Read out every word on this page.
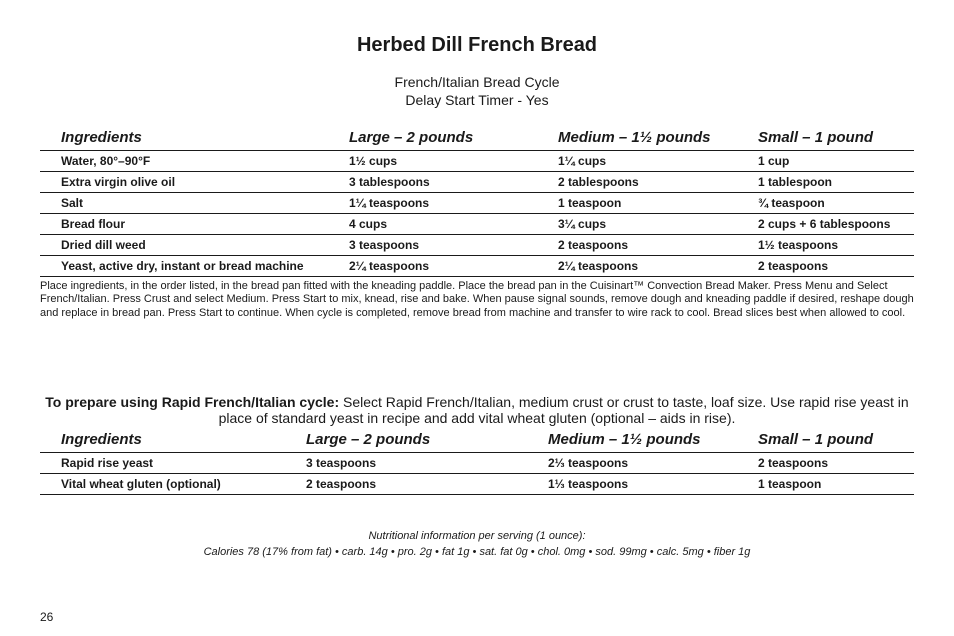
Herbed Dill French Bread
French/Italian Bread Cycle
Delay Start Timer - Yes
Ingredients	Large – 2 pounds	Medium – 1½ pounds	Small – 1 pound
Water, 80°–90°F	1½ cups	1¼ cups	1 cup
Extra virgin olive oil	3 tablespoons	2 tablespoons	1 tablespoon
Salt	1¼ teaspoons	1 teaspoon	¾ teaspoon
Bread flour	4 cups	3¼ cups	2 cups + 6 tablespoons
Dried dill weed	3 teaspoons	2 teaspoons	1½ teaspoons
Yeast, active dry, instant or bread machine	2¼ teaspoons	2¼ teaspoons	2 teaspoons

Place ingredients, in the order listed, in the bread pan fitted with the kneading paddle. Place the bread pan in the Cuisinart™ Convection Bread Maker. Press Menu and Select French/Italian. Press Crust and select Medium. Press Start to mix, knead, rise and bake. When pause signal sounds, remove dough and kneading paddle if desired, reshape dough and replace in bread pan. Press Start to continue. When cycle is completed, remove bread from machine and transfer to wire rack to cool. Bread slices best when allowed to cool.

To prepare using Rapid French/Italian cycle: Select Rapid French/Italian, medium crust or crust to taste, loaf size. Use rapid rise yeast in place of standard yeast in recipe and add vital wheat gluten (optional – aids in rise).

Ingredients	Large – 2 pounds	Medium – 1½ pounds	Small – 1 pound
Rapid rise yeast	3 teaspoons	2⅓ teaspoons	2 teaspoons
Vital wheat gluten (optional)	2 teaspoons	1⅓ teaspoons	1 teaspoon
Nutritional information per serving (1 ounce):
Calories 78 (17% from fat) • carb. 14g • pro. 2g • fat 1g • sat. fat 0g • chol. 0mg • sod. 99mg • calc. 5mg • fiber 1g
26
